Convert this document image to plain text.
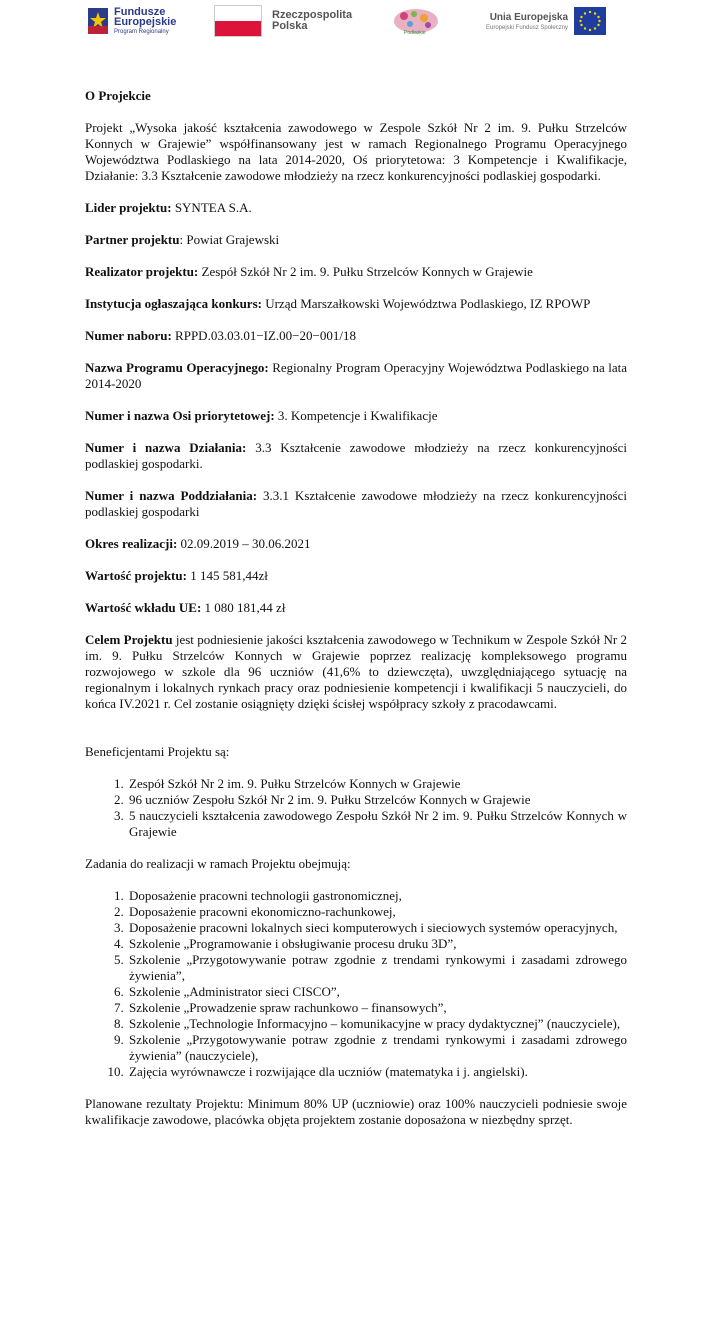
Fundusze
Europejskie
Program Regionalny
Rzeczpospolita
Polska
Podlaskie
Unia Europejska
Europejski Fundusz Społeczny
O Projekcie

Projekt „Wysoka jakość kształcenia zawodowego w Zespole Szkół Nr 2 im. 9. Pułku Strzelców Konnych w Grajewie” współfinansowany jest w ramach Regionalnego Programu Operacyjnego Województwa Podlaskiego na lata 2014-2020, Oś priorytetowa: 3 Kompetencje i Kwalifikacje, Działanie: 3.3 Kształcenie zawodowe młodzieży na rzecz konkurencyjności podlaskiej gospodarki.

Lider projektu: SYNTEA S.A.

Partner projektu: Powiat Grajewski

Realizator projektu: Zespół Szkół Nr 2 im. 9. Pułku Strzelców Konnych w Grajewie

Instytucja ogłaszająca konkurs: Urząd Marszałkowski Województwa Podlaskiego, IZ RPOWP

Numer naboru: RPPD.03.03.01−IZ.00−20−001/18

Nazwa Programu Operacyjnego: Regionalny Program Operacyjny Województwa Podlaskiego na lata 2014-2020

Numer i nazwa Osi priorytetowej: 3. Kompetencje i Kwalifikacje

Numer i nazwa Działania: 3.3 Kształcenie zawodowe młodzieży na rzecz konkurencyjności podlaskiej gospodarki.

Numer i nazwa Poddziałania: 3.3.1 Kształcenie zawodowe młodzieży na rzecz konkurencyjności podlaskiej gospodarki

Okres realizacji: 02.09.2019 – 30.06.2021

Wartość projektu: 1 145 581,44zł

Wartość wkładu UE: 1 080 181,44 zł

Celem Projektu jest podniesienie jakości kształcenia zawodowego w Technikum w Zespole Szkół Nr 2 im. 9. Pułku Strzelców Konnych w Grajewie poprzez realizację kompleksowego programu rozwojowego w szkole dla 96 uczniów (41,6% to dziewczęta), uwzględniającego sytuację na regionalnym i lokalnych rynkach pracy oraz podniesienie kompetencji i kwalifikacji 5 nauczycieli, do końca IV.2021 r. Cel zostanie osiągnięty dzięki ścisłej współpracy szkoły z pracodawcami.

Beneficjentami Projektu są:

1. Zespół Szkół Nr 2 im. 9. Pułku Strzelców Konnych w Grajewie
2. 96 uczniów Zespołu Szkół Nr 2 im. 9. Pułku Strzelców Konnych w Grajewie
3. 5 nauczycieli kształcenia zawodowego Zespołu Szkół Nr 2 im. 9. Pułku Strzelców Konnych w Grajewie

Zadania do realizacji w ramach Projektu obejmują:

1. Doposażenie pracowni technologii gastronomicznej,
2. Doposażenie pracowni ekonomiczno-rachunkowej,
3. Doposażenie pracowni lokalnych sieci komputerowych i sieciowych systemów operacyjnych,
4. Szkolenie „Programowanie i obsługiwanie procesu druku 3D”,
5. Szkolenie „Przygotowywanie potraw zgodnie z trendami rynkowymi i zasadami zdrowego żywienia”,
6. Szkolenie „Administrator sieci CISCO”,
7. Szkolenie „Prowadzenie spraw rachunkowo – finansowych”,
8. Szkolenie „Technologie Informacyjno – komunikacyjne w pracy dydaktycznej” (nauczyciele),
9. Szkolenie „Przygotowywanie potraw zgodnie z trendami rynkowymi i zasadami zdrowego żywienia” (nauczyciele),
10. Zajęcia wyrównawcze i rozwijające dla uczniów (matematyka i j. angielski).

Planowane rezultaty Projektu: Minimum 80% UP (uczniowie) oraz 100% nauczycieli podniesie swoje kwalifikacje zawodowe, placówka objęta projektem zostanie doposażona w niezbędny sprzęt.
